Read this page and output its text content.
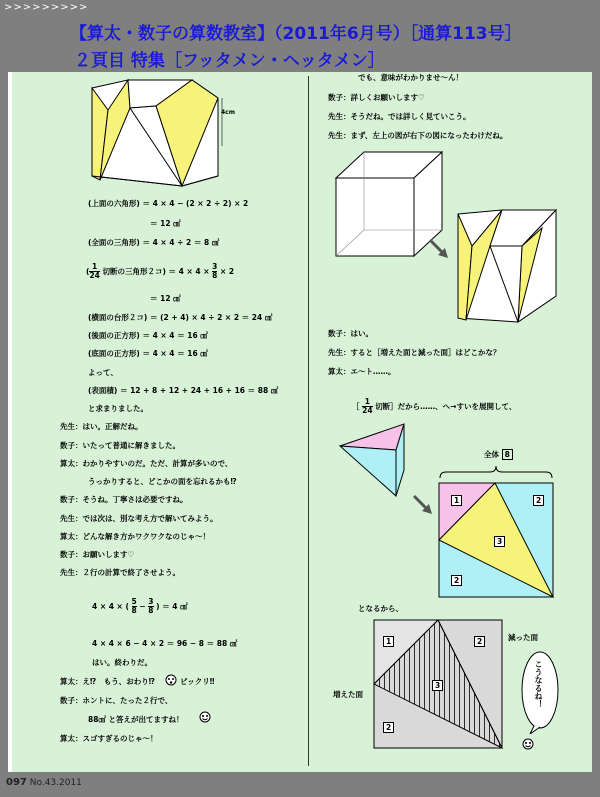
>>>>>>>>>
【算太・数子の算数教室】（2011年6月号）［通算113号］
２頁目 特集［フッタメン・ヘッタメン］
4cm
(上面の六角形) ＝ 4 × 4 − (2 × 2 ÷ 2) × 2
＝ 12 ㎠
(全面の三角形) ＝ 4 × 4 ÷ 2 ＝ 8 ㎠
( $\frac{1}{24}$ 切断の三角形２コ) ＝ $4 \times 4 \times \frac{3}{8} \times 2$
＝ 12 ㎠
(横面の台形２コ) ＝ (2 + 4) × 4 ÷ 2 × 2 ＝ 24 ㎠
(後面の正方形) ＝ 4 × 4 ＝ 16 ㎠
(底面の正方形) ＝ 4 × 4 ＝ 16 ㎠
よって、
(表面積) ＝ 12 + 8 + 12 + 24 + 16 + 16 ＝ 88 ㎠
と求まりました。
先生：はい。正解だね。
数子：いたって普通に解きました。
算太：わかりやすいのだ。ただ、計算が多いので、
うっかりすると、どこかの面を忘れるかも⁉
数子：そうね。丁寧さは必要ですね。
先生：では次は、別な考え方で解いてみよう。
算太：どんな解き方かワクワクなのじゃ〜！
数子：お願いします♡
先生：２行の計算で終了させよう。
4 × 4 × ( $\frac{5}{8} - \frac{3}{8}$ ) ＝ 4 ㎠
4 × 4 × 6 − 4 × 2 ＝ 96 − 8 ＝ 88 ㎠
はい。終わりだ。
算太：え⁉　もう、おわり⁉	ビックリ‼
数子：ホントに、たった２行で、
88㎠ と答えが出てますね！
算太：スゴすぎるのじゃ〜！
でも、意味がわかりませ〜ん！
数子：詳しくお願いします♡
先生：そうだね。では詳しく見ていこう。
先生：まず、左上の図が右下の図になったわけだね。
数子：はい。
先生：すると［増えた面と減った面］はどこかな？
算太：エ〜ト……。
［ $\frac{1}{24}$ 切断］だから……、へ→すいを展開して、
全体 8
1	2
3
2
となるから、
1	2
3
2
減った面
増えた面	こうなるね！
097 No.43.2011
